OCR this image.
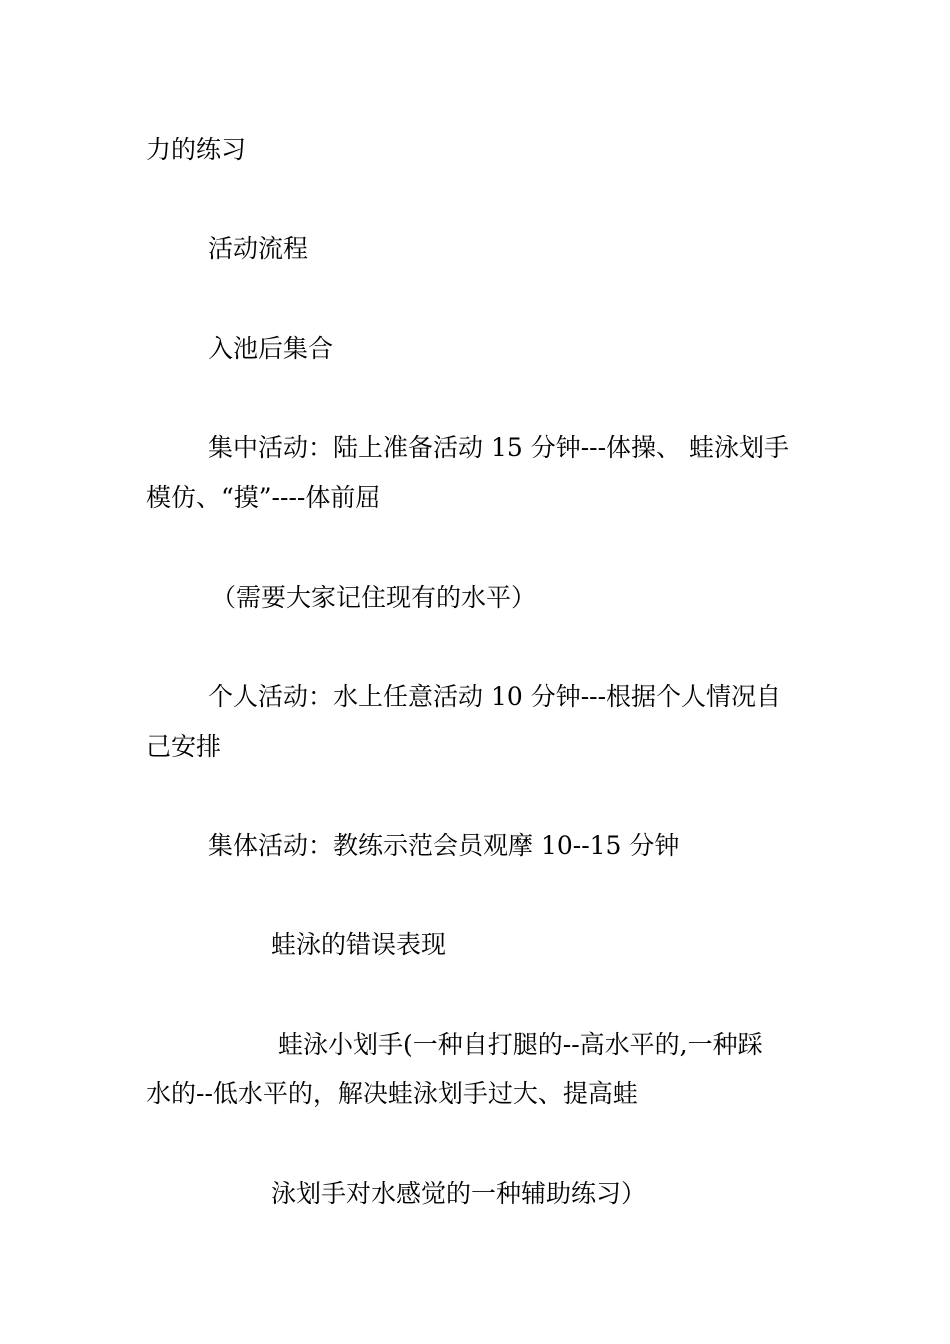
力的练习

活动流程

入池后集合

集中活动：陆上准备活动 15 分钟---体操、 蛙泳划手

模仿、“摸”----体前屈

（需要大家记住现有的水平）

个人活动：水上任意活动 10 分钟---根据个人情况自

己安排

集体活动：教练示范会员观摩 10--15 分钟

蛙泳的错误表现

蛙泳小划手(一种自打腿的--高水平的,一种踩

水的--低水平的，解决蛙泳划手过大、提高蛙

泳划手对水感觉的一种辅助练习）
